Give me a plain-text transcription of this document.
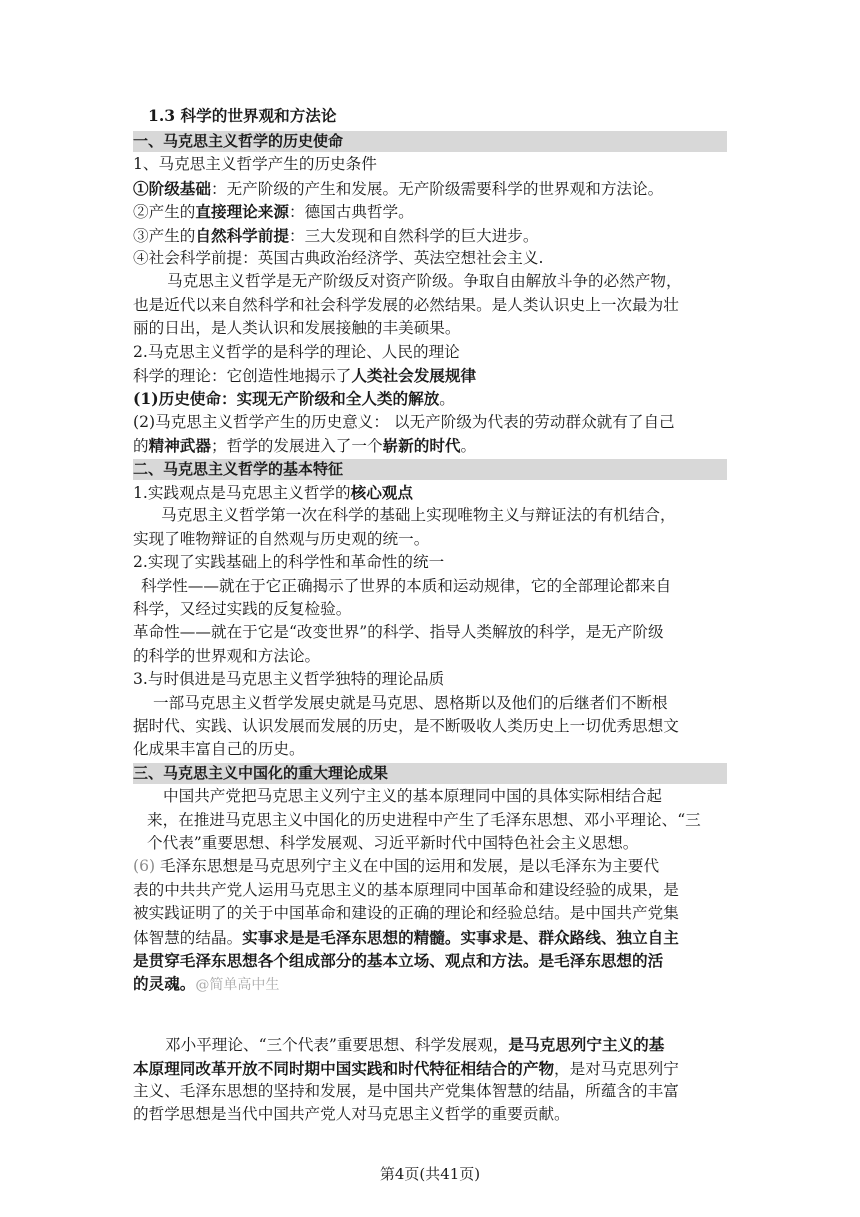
1.3 科学的世界观和方法论
一、马克思主义哲学的历史使命
1、马克思主义哲学产生的历史条件
①阶级基础：无产阶级的产生和发展。无产阶级需要科学的世界观和方法论。
②产生的直接理论来源：德国古典哲学。
③产生的自然科学前提：三大发现和自然科学的巨大进步。
④社会科学前提：英国古典政治经济学、英法空想社会主义.
马克思主义哲学是无产阶级反对资产阶级。争取自由解放斗争的必然产物，
也是近代以来自然科学和社会科学发展的必然结果。是人类认识史上一次最为壮
丽的日出，是人类认识和发展接触的丰美硕果。
2.马克思主义哲学的是科学的理论、人民的理论
科学的理论：它创造性地揭示了人类社会发展规律
(1)历史使命：实现无产阶级和全人类的解放。
(2)马克思主义哲学产生的历史意义： 以无产阶级为代表的劳动群众就有了自己
的精神武器；哲学的发展进入了一个崭新的时代。
二、马克思主义哲学的基本特征
1.实践观点是马克思主义哲学的核心观点
马克思主义哲学第一次在科学的基础上实现唯物主义与辩证法的有机结合，
实现了唯物辩证的自然观与历史观的统一。
2.实现了实践基础上的科学性和革命性的统一
科学性——就在于它正确揭示了世界的本质和运动规律，它的全部理论都来自
科学，又经过实践的反复检验。
革命性——就在于它是“改变世界”的科学、指导人类解放的科学，是无产阶级
的科学的世界观和方法论。
3.与时俱进是马克思主义哲学独特的理论品质
一部马克思主义哲学发展史就是马克思、恩格斯以及他们的后继者们不断根
据时代、实践、认识发展而发展的历史，是不断吸收人类历史上一切优秀思想文
化成果丰富自己的历史。
三、马克思主义中国化的重大理论成果
中国共产党把马克思主义列宁主义的基本原理同中国的具体实际相结合起
来，在推进马克思主义中国化的历史进程中产生了毛泽东思想、邓小平理论、“三
个代表”重要思想、科学发展观、习近平新时代中国特色社会主义思想。
(6) 毛泽东思想是马克思列宁主义在中国的运用和发展，是以毛泽东为主要代
表的中共共产党人运用马克思主义的基本原理同中国革命和建设经验的成果，是
被实践证明了的关于中国革命和建设的正确的理论和经验总结。是中国共产党集
体智慧的结晶。实事求是是毛泽东思想的精髓。实事求是、群众路线、独立自主
是贯穿毛泽东思想各个组成部分的基本立场、观点和方法。是毛泽东思想的活
的灵魂。@简单高中生
邓小平理论、“三个代表”重要思想、科学发展观，是马克思列宁主义的基
本原理同改革开放不同时期中国实践和时代特征相结合的产物，是对马克思列宁
主义、毛泽东思想的坚持和发展，是中国共产党集体智慧的结晶，所蕴含的丰富
的哲学思想是当代中国共产党人对马克思主义哲学的重要贡献。
第4页(共41页)
